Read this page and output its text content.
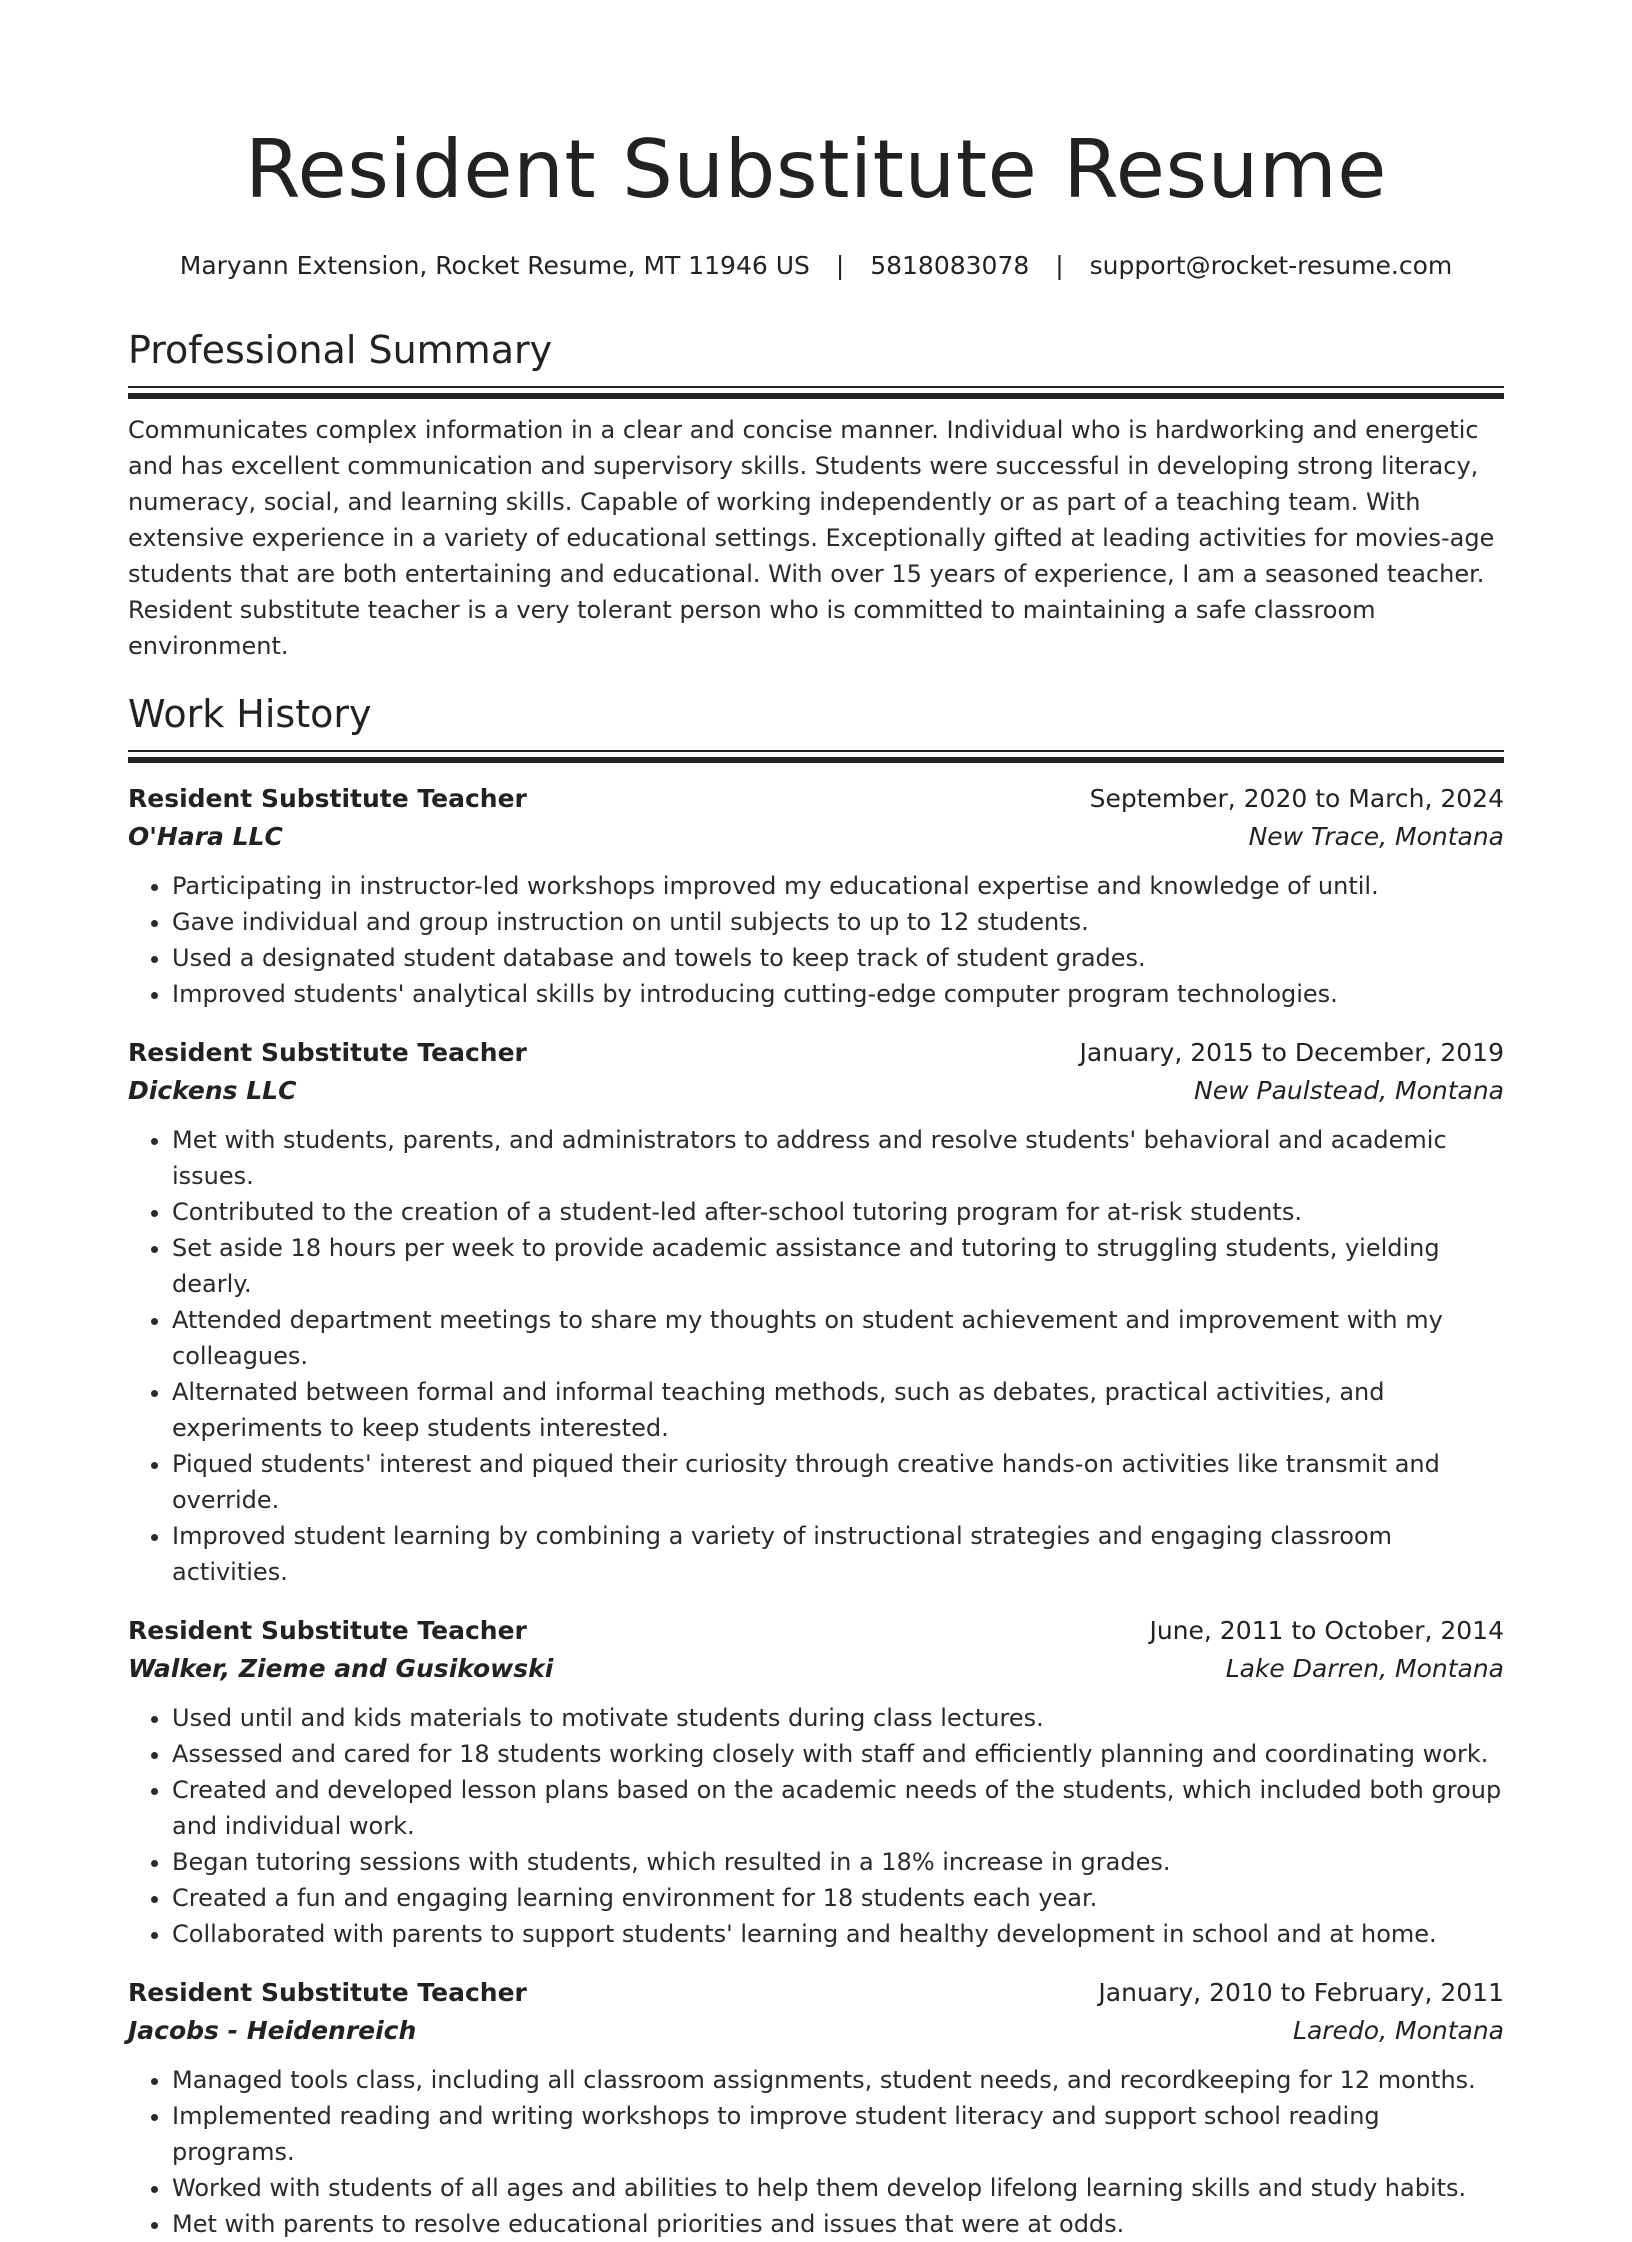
Resident Substitute Resume
Maryann Extension, Rocket Resume, MT 11946 US | 5818083078 | support@rocket-resume.com
Professional Summary

Communicates complex information in a clear and concise manner. Individual who is hardworking and energetic and has excellent communication and supervisory skills. Students were successful in developing strong literacy, numeracy, social, and learning skills. Capable of working independently or as part of a teaching team. With extensive experience in a variety of educational settings. Exceptionally gifted at leading activities for movies-age students that are both entertaining and educational. With over 15 years of experience, I am a seasoned teacher. Resident substitute teacher is a very tolerant person who is committed to maintaining a safe classroom environment.

Work History
Resident Substitute Teacher	September, 2020 to March, 2024
O'Hara LLC	New Trace, Montana
• Participating in instructor-led workshops improved my educational expertise and knowledge of until.
• Gave individual and group instruction on until subjects to up to 12 students.
• Used a designated student database and towels to keep track of student grades.
• Improved students' analytical skills by introducing cutting-edge computer program technologies.
Resident Substitute Teacher	January, 2015 to December, 2019
Dickens LLC	New Paulstead, Montana
• Met with students, parents, and administrators to address and resolve students' behavioral and academic issues.
• Contributed to the creation of a student-led after-school tutoring program for at-risk students.
• Set aside 18 hours per week to provide academic assistance and tutoring to struggling students, yielding dearly.
• Attended department meetings to share my thoughts on student achievement and improvement with my colleagues.
• Alternated between formal and informal teaching methods, such as debates, practical activities, and experiments to keep students interested.
• Piqued students' interest and piqued their curiosity through creative hands-on activities like transmit and override.
• Improved student learning by combining a variety of instructional strategies and engaging classroom activities.
Resident Substitute Teacher	June, 2011 to October, 2014
Walker, Zieme and Gusikowski	Lake Darren, Montana
• Used until and kids materials to motivate students during class lectures.
• Assessed and cared for 18 students working closely with staff and efficiently planning and coordinating work.
• Created and developed lesson plans based on the academic needs of the students, which included both group and individual work.
• Began tutoring sessions with students, which resulted in a 18% increase in grades.
• Created a fun and engaging learning environment for 18 students each year.
• Collaborated with parents to support students' learning and healthy development in school and at home.
Resident Substitute Teacher	January, 2010 to February, 2011
Jacobs - Heidenreich	Laredo, Montana
• Managed tools class, including all classroom assignments, student needs, and recordkeeping for 12 months.
• Implemented reading and writing workshops to improve student literacy and support school reading programs.
• Worked with students of all ages and abilities to help them develop lifelong learning skills and study habits.
• Met with parents to resolve educational priorities and issues that were at odds.
